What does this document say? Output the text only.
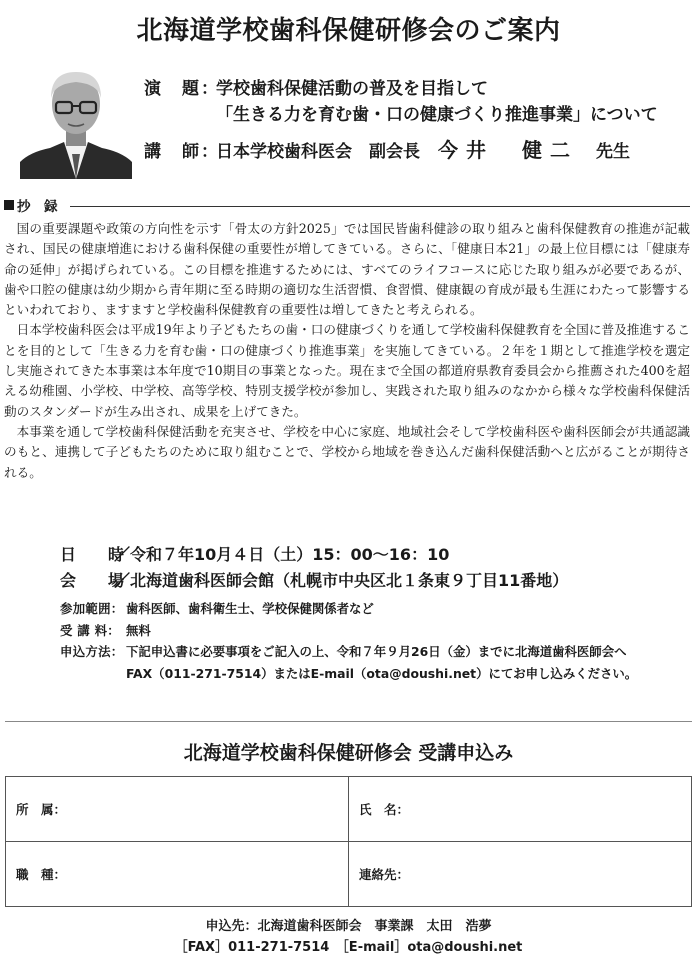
北海道学校歯科保健研修会のご案内
演　題：学校歯科保健活動の普及を目指して
「生きる力を育む歯・口の健康づくり推進事業」について
講　師：日本学校歯科医会　副会長 今井　健二 先生
抄　録

国の重要課題や政策の方向性を示す「骨太の方針2025」では国民皆歯科健診の取り組みと歯科保健教育の推進が記載され、国民の健康増進における歯科保健の重要性が増してきている。さらに、「健康日本21」の最上位目標には「健康寿命の延伸」が掲げられている。この目標を推進するためには、すべてのライフコースに応じた取り組みが必要であるが、歯や口腔の健康は幼少期から青年期に至る時期の適切な生活習慣、食習慣、健康観の育成が最も生涯にわたって影響するといわれており、ますますと学校歯科保健教育の重要性は増してきたと考えられる。

日本学校歯科医会は平成19年より子どもたちの歯・口の健康づくりを通して学校歯科保健教育を全国に普及推進することを目的として「生きる力を育む歯・口の健康づくり推進事業」を実施してきている。２年を１期として推進学校を選定し実施されてきた本事業は本年度で10期目の事業となった。現在まで全国の都道府県教育委員会から推薦された400を超える幼稚園、小学校、中学校、高等学校、特別支援学校が参加し、実践された取り組みのなかから様々な学校歯科保健活動のスタンダードが生み出され、成果を上げてきた。

本事業を通して学校歯科保健活動を充実させ、学校を中心に家庭、地域社会そして学校歯科医や歯科医師会が共通認識のもと、連携して子どもたちのために取り組むことで、学校から地域を巻き込んだ歯科保健活動へと広がることが期待される。

日　　時／令和７年10月４日（土）15：00〜16：10
会　　場／北海道歯科医師会館（札幌市中央区北１条東９丁目11番地）
参加範囲： 歯科医師、歯科衛生士、学校保健関係者など
受 講 料： 無料
申込方法： 下記申込書に必要事項をご記入の上、令和７年９月26日（金）までに北海道歯科医師会へFAX（011-271-7514）またはE-mail（ota@doushi.net）にてお申し込みください。
北海道学校歯科保健研修会 受講申込み
所　属：	氏　名：
職　種：	連絡先：
申込先：北海道歯科医師会　事業課　太田　浩夢
［FAX］011-271-7514　［E-mail］ota@doushi.net
